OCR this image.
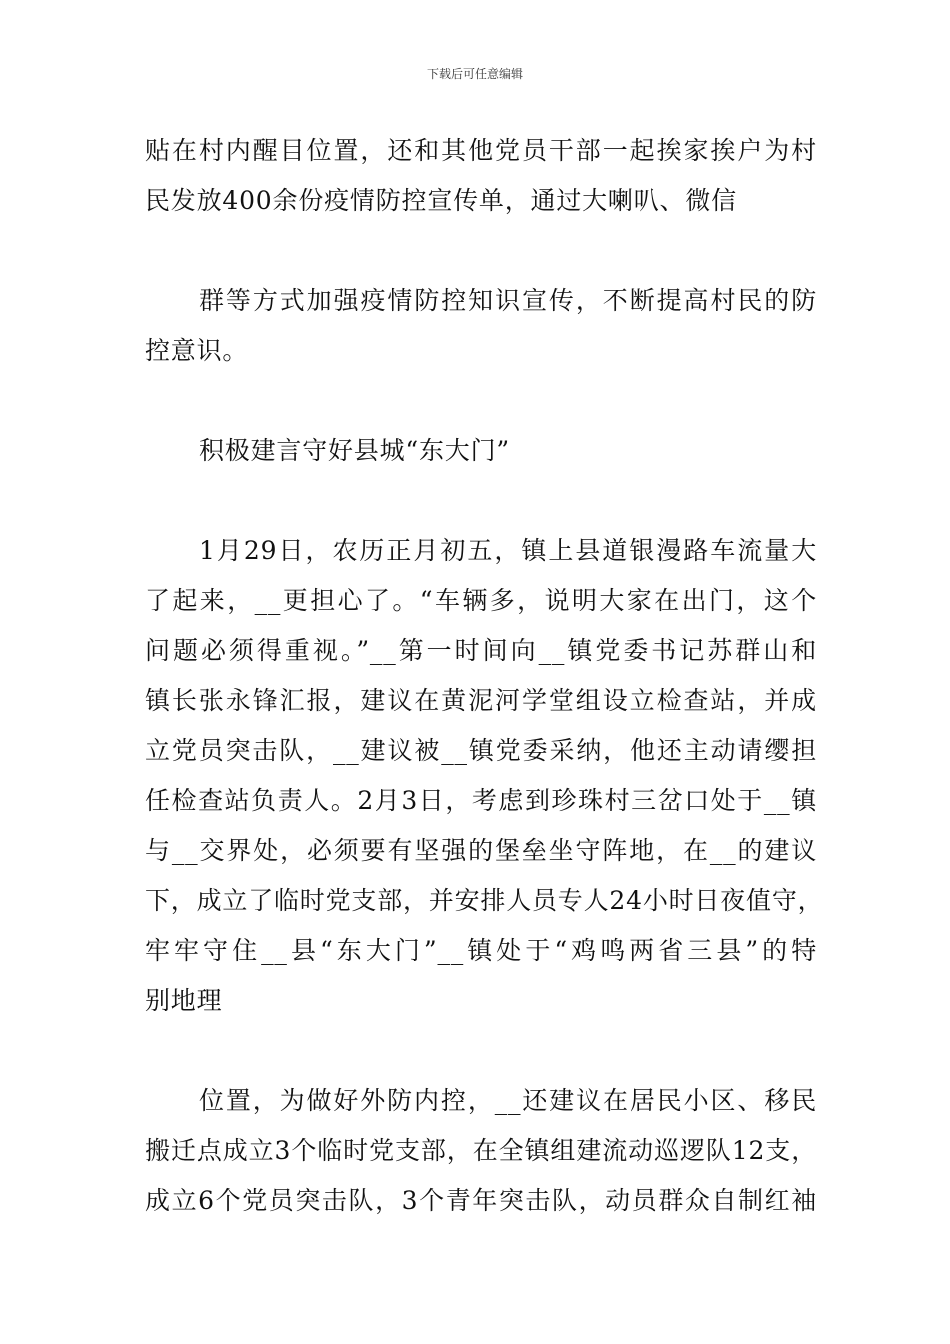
下载后可任意编辑

贴在村内醒目位置，还和其他党员干部一起挨家挨户为村
民发放400余份疫情防控宣传单，通过大喇叭、微信

群等方式加强疫情防控知识宣传，不断提高村民的防
控意识。

积极建言守好县城“东大门”

1月29日，农历正月初五，镇上县道银漫路车流量大
了起来，__更担心了。“车辆多，说明大家在出门，这个
问题必须得重视。”__第一时间向__镇党委书记苏群山和
镇长张永锋汇报，建议在黄泥河学堂组设立检查站，并成
立党员突击队，__建议被__镇党委采纳，他还主动请缨担
任检查站负责人。2月3日，考虑到珍珠村三岔口处于__镇
与__交界处，必须要有坚强的堡垒坐守阵地，在__的建议
下，成立了临时党支部，并安排人员专人24小时日夜值守，
牢牢守住__县“东大门”__镇处于“鸡鸣两省三县”的特
别地理

位置，为做好外防内控，__还建议在居民小区、移民
搬迁点成立3个临时党支部，在全镇组建流动巡逻队12支，
成立6个党员突击队，3个青年突击队，动员群众自制红袖
